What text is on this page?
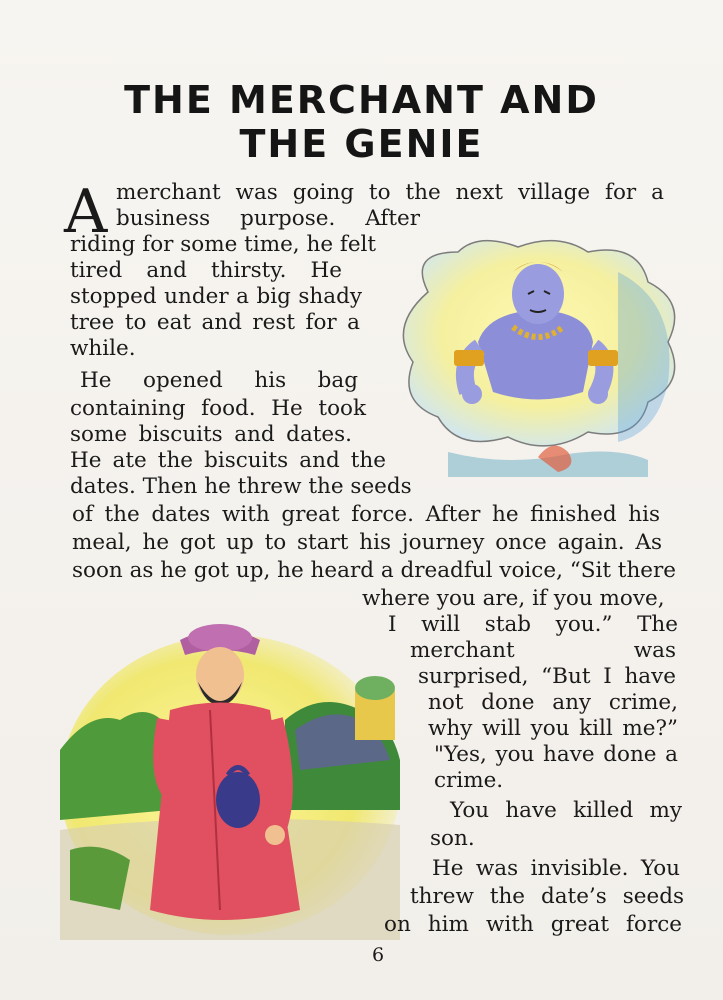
THE MERCHANT AND
THE GENIE
A merchant was going to the next village for a
business purpose. After
riding for some time, he felt
tired and thirsty. He
stopped under a big shady
tree to eat and rest for a
while.
He opened his bag
containing food. He took
some biscuits and dates.
He ate the biscuits and the
dates. Then he threw the seeds
of the dates with great force. After he finished his
meal, he got up to start his journey once again. As
soon as he got up, he heard a dreadful voice, “Sit there
where you are, if you move,
I will stab you.” The
merchant was
surprised, “But I have
not done any crime,
why will you kill me?”
"Yes, you have done a
crime.
You have killed my
son.
He was invisible. You
threw the date’s seeds
on him with great force
6
